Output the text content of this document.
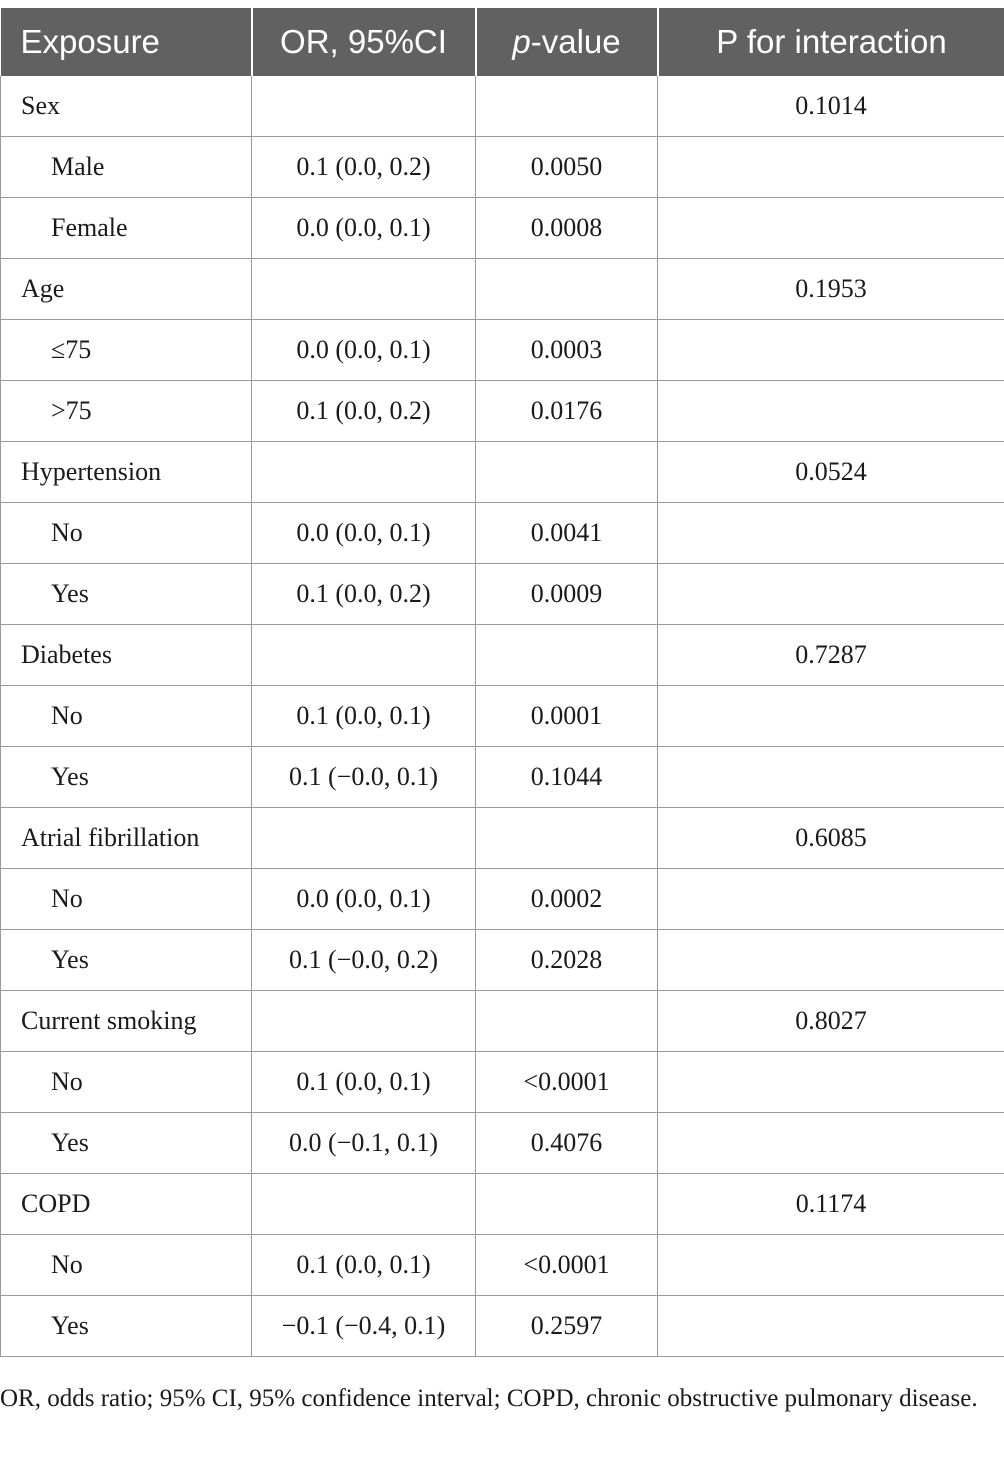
Exposure	OR, 95%CI	p-value	P for interaction
Sex			0.1014
Male	0.1 (0.0, 0.2)	0.0050	
Female	0.0 (0.0, 0.1)	0.0008	
Age			0.1953
≤75	0.0 (0.0, 0.1)	0.0003	
>75	0.1 (0.0, 0.2)	0.0176	
Hypertension			0.0524
No	0.0 (0.0, 0.1)	0.0041	
Yes	0.1 (0.0, 0.2)	0.0009	
Diabetes			0.7287
No	0.1 (0.0, 0.1)	0.0001	
Yes	0.1 (−0.0, 0.1)	0.1044	
Atrial fibrillation			0.6085
No	0.0 (0.0, 0.1)	0.0002	
Yes	0.1 (−0.0, 0.2)	0.2028	
Current smoking			0.8027
No	0.1 (0.0, 0.1)	<0.0001	
Yes	0.0 (−0.1, 0.1)	0.4076	
COPD			0.1174
No	0.1 (0.0, 0.1)	<0.0001	
Yes	−0.1 (−0.4, 0.1)	0.2597	
OR, odds ratio; 95% CI, 95% confidence interval; COPD, chronic obstructive pulmonary disease.
